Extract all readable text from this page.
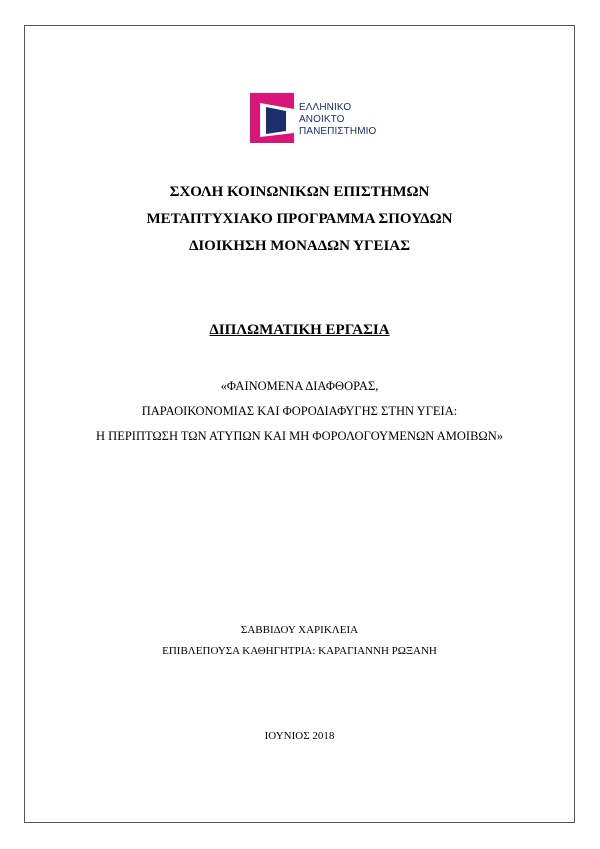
ΕΛΛΗΝΙΚΟ
ΑΝΟΙΚΤΟ
ΠΑΝΕΠΙΣΤΗΜΙΟ
ΣΧΟΛΗ ΚΟΙΝΩΝΙΚΩΝ ΕΠΙΣΤΗΜΩΝ
ΜΕΤΑΠΤΥΧΙΑΚΟ ΠΡΟΓΡΑΜΜΑ ΣΠΟΥΔΩΝ
ΔΙΟΙΚΗΣΗ ΜΟΝΑΔΩΝ ΥΓΕΙΑΣ
ΔΙΠΛΩΜΑΤΙΚΗ ΕΡΓΑΣΙΑ
«ΦΑΙΝΟΜΕΝΑ ΔΙΑΦΘΟΡΑΣ,
ΠΑΡΑΟΙΚΟΝΟΜΙΑΣ ΚΑΙ ΦΟΡΟΔΙΑΦΥΓΗΣ ΣΤΗΝ ΥΓΕΙΑ:
Η ΠΕΡΙΠΤΩΣΗ ΤΩΝ ΑΤΥΠΩΝ ΚΑΙ ΜΗ ΦΟΡΟΛΟΓΟΥΜΕΝΩΝ ΑΜΟΙΒΩΝ»
ΣΑΒΒΙΔΟΥ ΧΑΡΙΚΛΕΙΑ
ΕΠΙΒΛΕΠΟΥΣΑ ΚΑΘΗΓΗΤΡΙΑ: ΚΑΡΑΓΙΑΝΝΗ ΡΩΞΑΝΗ
ΙΟΥΝΙΟΣ 2018
